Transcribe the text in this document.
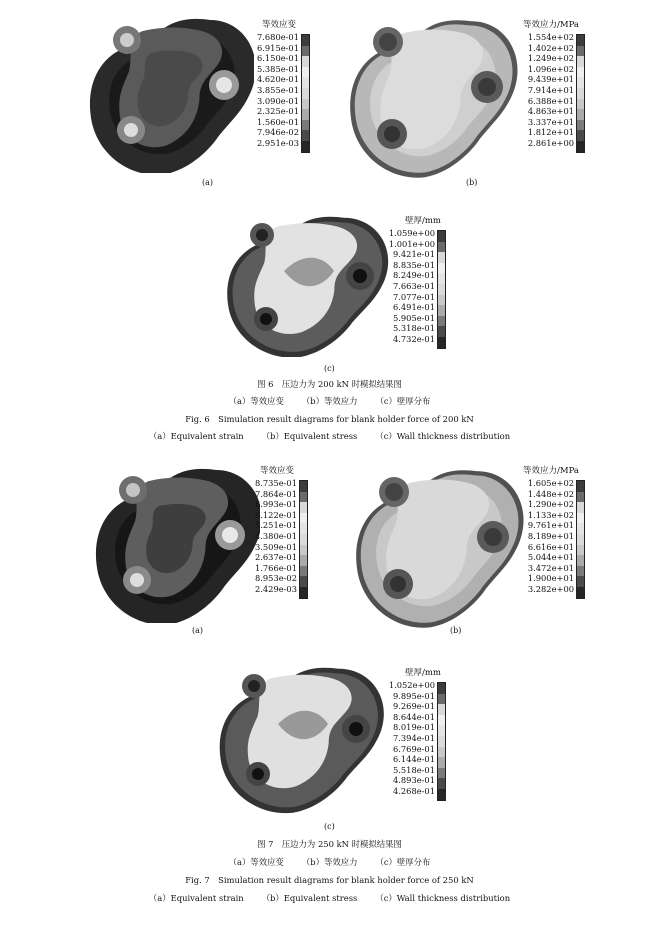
等效应变
7.680e-01
6.915e-01
6.150e-01
5.385e-01
4.620e-01
3.855e-01
3.090e-01
2.325e-01
1.560e-01
7.946e-02
2.951e-03
(a)
等效应力/MPa
1.554e+02
1.402e+02
1.249e+02
1.096e+02
9.439e+01
7.914e+01
6.388e+01
4.863e+01
3.337e+01
1.812e+01
2.861e+00
(b)
壁厚/mm
1.059e+00
1.001e+00
9.421e-01
8.835e-01
8.249e-01
7.663e-01
7.077e-01
6.491e-01
5.905e-01
5.318e-01
4.732e-01
(c)
图 6　压边力为 200 kN 时模拟结果图
（a）等效应变 （b）等效应力 （c）壁厚分布
Fig. 6　Simulation result diagrams for blank holder force of 200 kN
（a）Equivalent strain （b）Equivalent stress （c）Wall thickness distribution
等效应变
8.735e-01
7.864e-01
6.993e-01
6.122e-01
5.251e-01
4.380e-01
3.509e-01
2.637e-01
1.766e-01
8.953e-02
2.429e-03
(a)
等效应力/MPa
1.605e+02
1.448e+02
1.290e+02
1.133e+02
9.761e+01
8.189e+01
6.616e+01
5.044e+01
3.472e+01
1.900e+01
3.282e+00
(b)
壁厚/mm
1.052e+00
9.895e-01
9.269e-01
8.644e-01
8.019e-01
7.394e-01
6.769e-01
6.144e-01
5.518e-01
4.893e-01
4.268e-01
(c)
图 7　压边力为 250 kN 时模拟结果图
（a）等效应变 （b）等效应力 （c）壁厚分布
Fig. 7　Simulation result diagrams for blank holder force of 250 kN
（a）Equivalent strain （b）Equivalent stress （c）Wall thickness distribution
